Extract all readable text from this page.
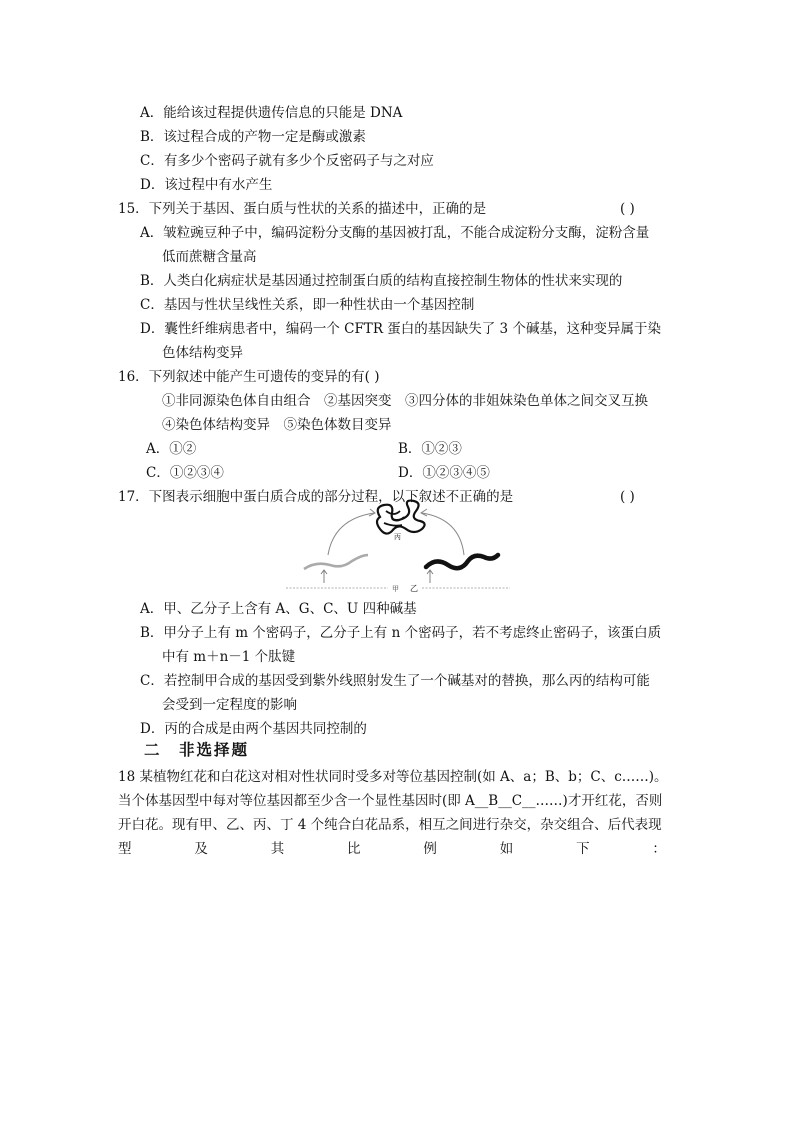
A．能给该过程提供遗传信息的只能是 DNA
B．该过程合成的产物一定是酶或激素
C．有多少个密码子就有多少个反密码子与之对应
D．该过程中有水产生
15．下列关于基因、蛋白质与性状的关系的描述中，正确的是	( )
A．皱粒豌豆种子中，编码淀粉分支酶的基因被打乱，不能合成淀粉分支酶，淀粉含量
低而蔗糖含量高
B．人类白化病症状是基因通过控制蛋白质的结构直接控制生物体的性状来实现的
C．基因与性状呈线性关系，即一种性状由一个基因控制
D．囊性纤维病患者中，编码一个 CFTR 蛋白的基因缺失了 3 个碱基，这种变异属于染
色体结构变异
16．下列叙述中能产生可遗传的变异的有( )
①非同源染色体自由组合　②基因突变　③四分体的非姐妹染色单体之间交叉互换
④染色体结构变异　⑤染色体数目变异
A．①②	B．①②③
C．①②③④	D．①②③④⑤
17．下图表示细胞中蛋白质合成的部分过程，以下叙述不正确的是	( )
丙
甲 乙
A．甲、乙分子上含有 A、G、C、U 四种碱基
B．甲分子上有 m 个密码子，乙分子上有 n 个密码子，若不考虑终止密码子，该蛋白质
中有 m＋n－1 个肽键
C．若控制甲合成的基因受到紫外线照射发生了一个碱基对的替换，那么丙的结构可能
会受到一定程度的影响
D．丙的合成是由两个基因共同控制的
二　非选择题
18 某植物红花和白花这对相对性状同时受多对等位基因控制(如 A、a；B、b；C、c……)。
当个体基因型中每对等位基因都至少含一个显性基因时(即 A__B__C__……)才开红花，否则
开白花。现有甲、乙、丙、丁 4 个纯合白花品系，相互之间进行杂交，杂交组合、后代表现
型	及	其	比	例	如	下	：
